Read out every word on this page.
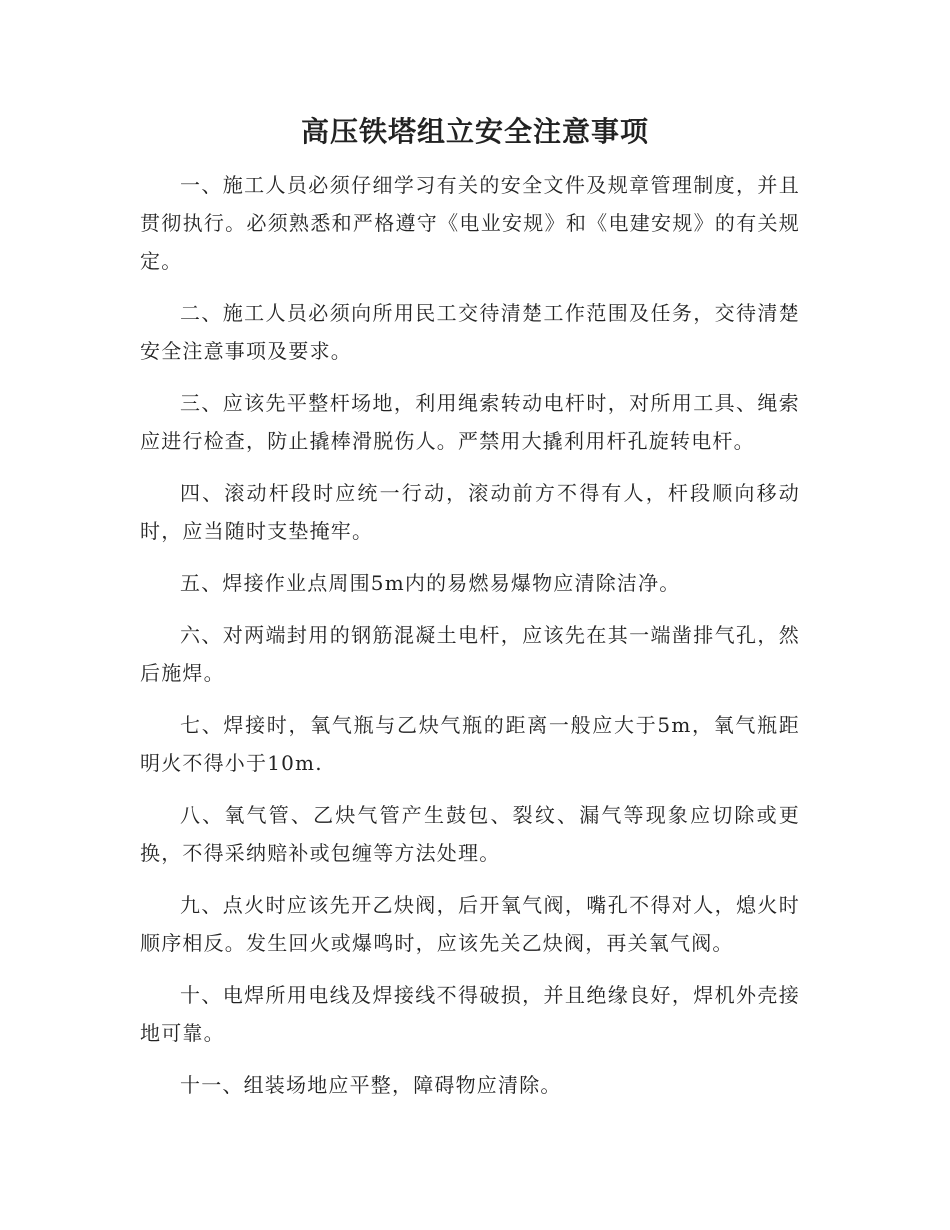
高压铁塔组立安全注意事项

一、施工人员必须仔细学习有关的安全文件及规章管理制度，并且贯彻执行。必须熟悉和严格遵守《电业安规》和《电建安规》的有关规定。

二、施工人员必须向所用民工交待清楚工作范围及任务，交待清楚安全注意事项及要求。

三、应该先平整杆场地，利用绳索转动电杆时，对所用工具、绳索应进行检查，防止撬棒滑脱伤人。严禁用大撬利用杆孔旋转电杆。

四、滚动杆段时应统一行动，滚动前方不得有人，杆段顺向移动时，应当随时支垫掩牢。

五、焊接作业点周围5m内的易燃易爆物应清除洁净。

六、对两端封用的钢筋混凝土电杆，应该先在其一端凿排气孔，然后施焊。

七、焊接时，氧气瓶与乙炔气瓶的距离一般应大于5m，氧气瓶距明火不得小于10m.

八、氧气管、乙炔气管产生鼓包、裂纹、漏气等现象应切除或更换，不得采纳赔补或包缠等方法处理。

九、点火时应该先开乙炔阀，后开氧气阀，嘴孔不得对人，熄火时顺序相反。发生回火或爆鸣时，应该先关乙炔阀，再关氧气阀。

十、电焊所用电线及焊接线不得破损，并且绝缘良好，焊机外壳接地可靠。

十一、组装场地应平整，障碍物应清除。
